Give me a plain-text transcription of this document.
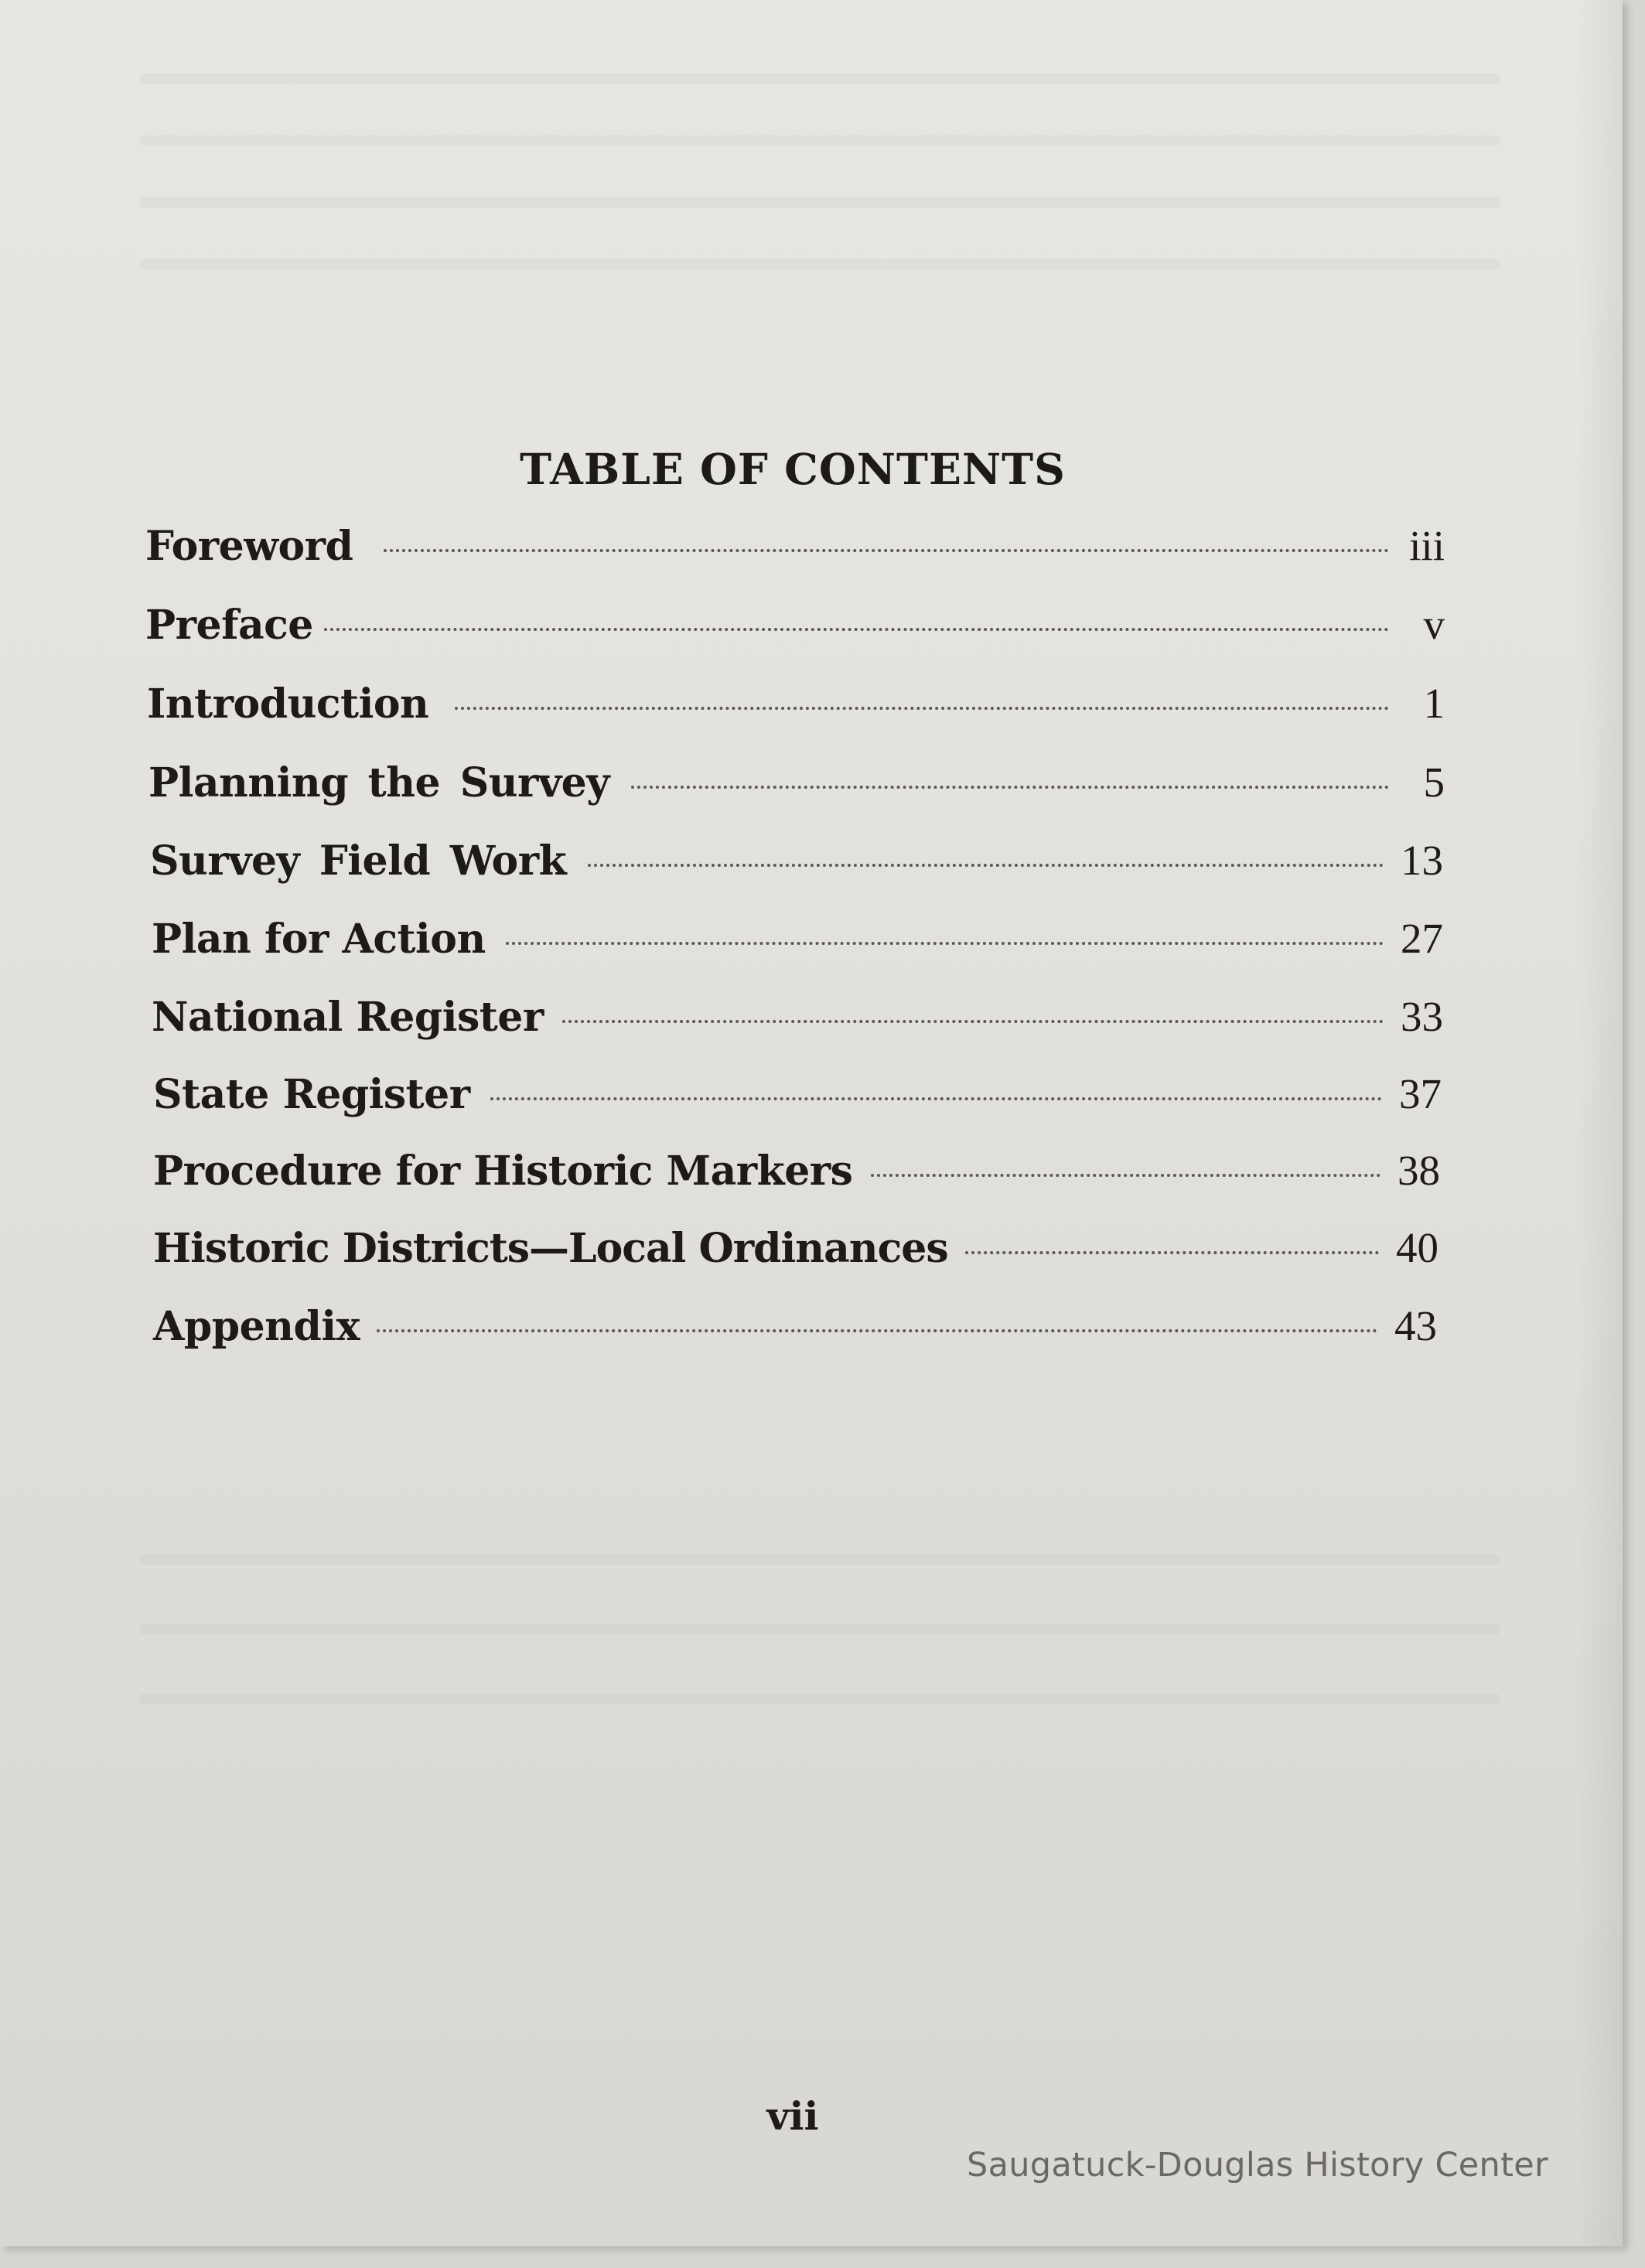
TABLE OF CONTENTS
Foreword	iii
Preface	v
Introduction	1
Planning the Survey	5
Survey Field Work	13
Plan for Action	27
National Register	33
State Register	37
Procedure for Historic Markers	38
Historic Districts—Local Ordinances	40
Appendix	43
vii
Saugatuck-Douglas History Center
